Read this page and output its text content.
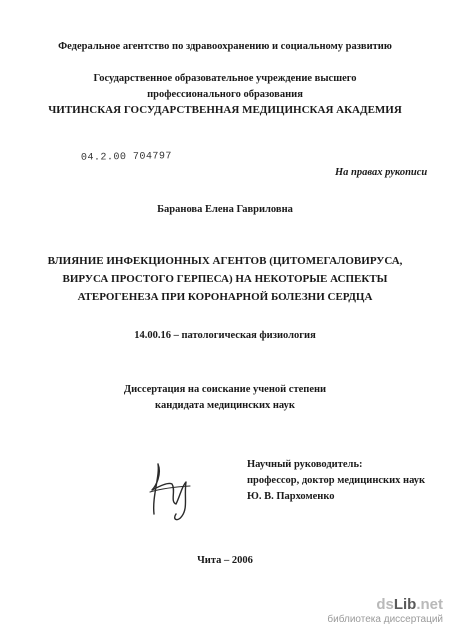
Федеральное агентство по здравоохранению и социальному развитию
Государственное образовательное учреждение высшего
профессионального образования
ЧИТИНСКАЯ ГОСУДАРСТВЕННАЯ МЕДИЦИНСКАЯ АКАДЕМИЯ
04.2.00 704797
На правах рукописи
Баранова Елена Гавриловна
ВЛИЯНИЕ ИНФЕКЦИОННЫХ АГЕНТОВ (ЦИТОМЕГАЛОВИРУСА,
ВИРУСА ПРОСТОГО ГЕРПЕСА) НА НЕКОТОРЫЕ АСПЕКТЫ
АТЕРОГЕНЕЗА ПРИ КОРОНАРНОЙ БОЛЕЗНИ СЕРДЦА
14.00.16 – патологическая физиология
Диссертация на соискание ученой степени
кандидата медицинских наук
Научный руководитель:
профессор, доктор медицинских наук
Ю. В. Пархоменко
Чита – 2006
dsLib.net
библиотека диссертаций
